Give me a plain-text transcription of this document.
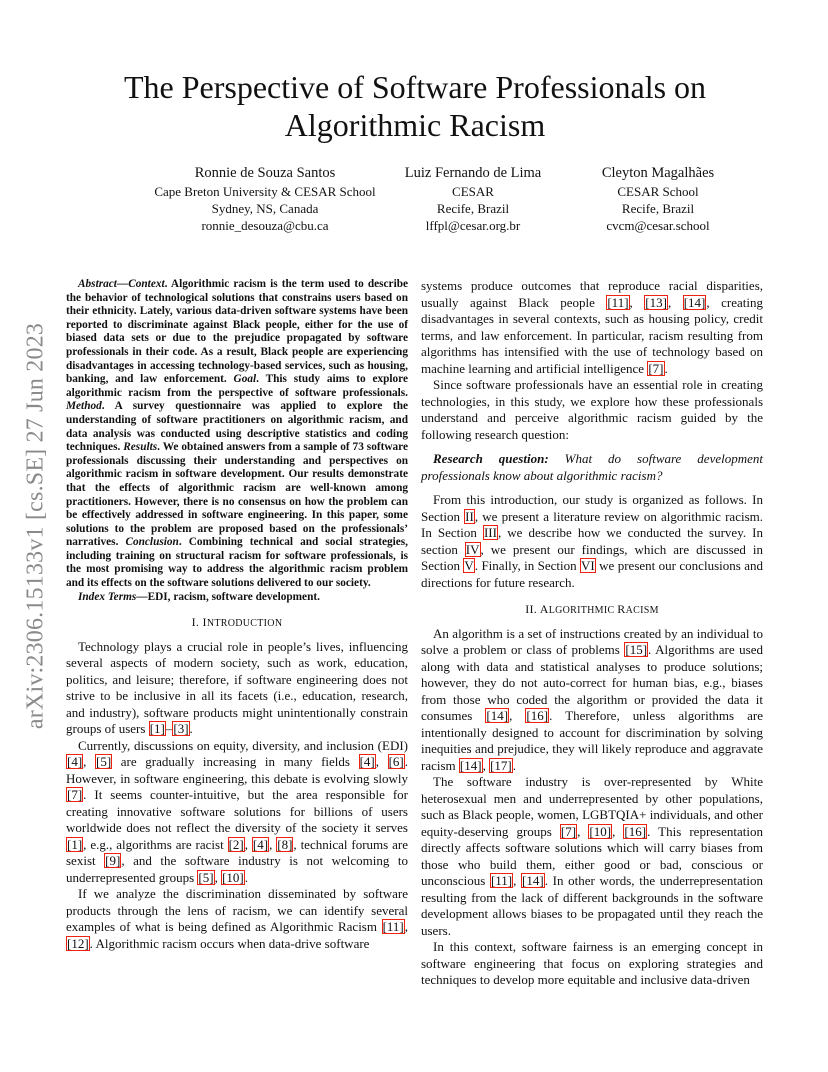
arXiv:2306.15133v1 [cs.SE] 27 Jun 2023
The Perspective of Software Professionals on Algorithmic Racism
Ronnie de Souza Santos
Cape Breton University & CESAR School
Sydney, NS, Canada
ronnie_desouza@cbu.ca
Luiz Fernando de Lima
CESAR
Recife, Brazil
lffpl@cesar.org.br
Cleyton Magalhães
CESAR School
Recife, Brazil
cvcm@cesar.school

Abstract—Context. Algorithmic racism is the term used to describe the behavior of technological solutions that constrains users based on their ethnicity. Lately, various data-driven software systems have been reported to discriminate against Black people, either for the use of biased data sets or due to the prejudice propagated by software professionals in their code. As a result, Black people are experiencing disadvantages in accessing technology-based services, such as housing, banking, and law enforcement. Goal. This study aims to explore algorithmic racism from the perspective of software professionals. Method. A survey questionnaire was applied to explore the understanding of software practitioners on algorithmic racism, and data analysis was conducted using descriptive statistics and coding techniques. Results. We obtained answers from a sample of 73 software professionals discussing their understanding and perspectives on algorithmic racism in software development. Our results demonstrate that the effects of algorithmic racism are well-known among practitioners. However, there is no consensus on how the problem can be effectively addressed in software engineering. In this paper, some solutions to the problem are proposed based on the professionals’ narratives. Conclusion. Combining technical and social strategies, including training on structural racism for software professionals, is the most promising way to address the algorithmic racism problem and its effects on the software solutions delivered to our society.

Index Terms—EDI, racism, software development.

I. INTRODUCTION

Technology plays a crucial role in people’s lives, influencing several aspects of modern society, such as work, education, politics, and leisure; therefore, if software engineering does not strive to be inclusive in all its facets (i.e., education, research, and industry), software products might unintentionally constrain groups of users [1]–[3].

Currently, discussions on equity, diversity, and inclusion (EDI) [4], [5] are gradually increasing in many fields [4], [6]. However, in software engineering, this debate is evolving slowly [7]. It seems counter-intuitive, but the area responsible for creating innovative software solutions for billions of users worldwide does not reflect the diversity of the society it serves [1], e.g., algorithms are racist [2], [4], [8], technical forums are sexist [9], and the software industry is not welcoming to underrepresented groups [5], [10].

If we analyze the discrimination disseminated by software products through the lens of racism, we can identify several examples of what is being defined as Algorithmic Racism [11], [12]. Algorithmic racism occurs when data-drive software

systems produce outcomes that reproduce racial disparities, usually against Black people [11], [13], [14], creating disadvantages in several contexts, such as housing policy, credit terms, and law enforcement. In particular, racism resulting from algorithms has intensified with the use of technology based on machine learning and artificial intelligence [7].

Since software professionals have an essential role in creating technologies, in this study, we explore how these professionals understand and perceive algorithmic racism guided by the following research question:

Research question: What do software development professionals know about algorithmic racism?

From this introduction, our study is organized as follows. In Section II, we present a literature review on algorithmic racism. In Section III, we describe how we conducted the survey. In section IV, we present our findings, which are discussed in Section V. Finally, in Section VI we present our conclusions and directions for future research.

II. ALGORITHMIC RACISM

An algorithm is a set of instructions created by an individual to solve a problem or class of problems [15]. Algorithms are used along with data and statistical analyses to produce solutions; however, they do not auto-correct for human bias, e.g., biases from those who coded the algorithm or provided the data it consumes [14], [16]. Therefore, unless algorithms are intentionally designed to account for discrimination by solving inequities and prejudice, they will likely reproduce and aggravate racism [14], [17].

The software industry is over-represented by White heterosexual men and underrepresented by other populations, such as Black people, women, LGBTQIA+ individuals, and other equity-deserving groups [7], [10], [16]. This representation directly affects software solutions which will carry biases from those who build them, either good or bad, conscious or unconscious [11], [14]. In other words, the underrepresentation resulting from the lack of different backgrounds in the software development allows biases to be propagated until they reach the users.

In this context, software fairness is an emerging concept in software engineering that focus on exploring strategies and techniques to develop more equitable and inclusive data-driven
